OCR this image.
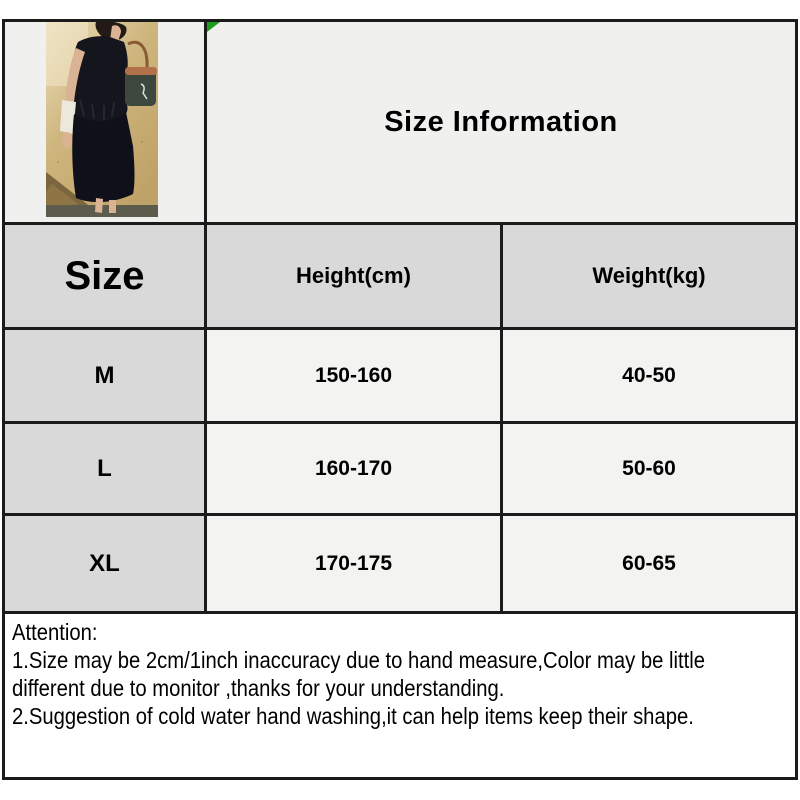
Size Information
Size	Height(cm)	Weight(kg)
M	150-160	40-50
L	160-170	50-60
XL	170-175	60-65
Attention:
1.Size may be 2cm/1inch inaccuracy due to hand measure,Color may be little
different due to monitor ,thanks for your understanding.
2.Suggestion of cold water hand washing,it can help items keep their shape.
